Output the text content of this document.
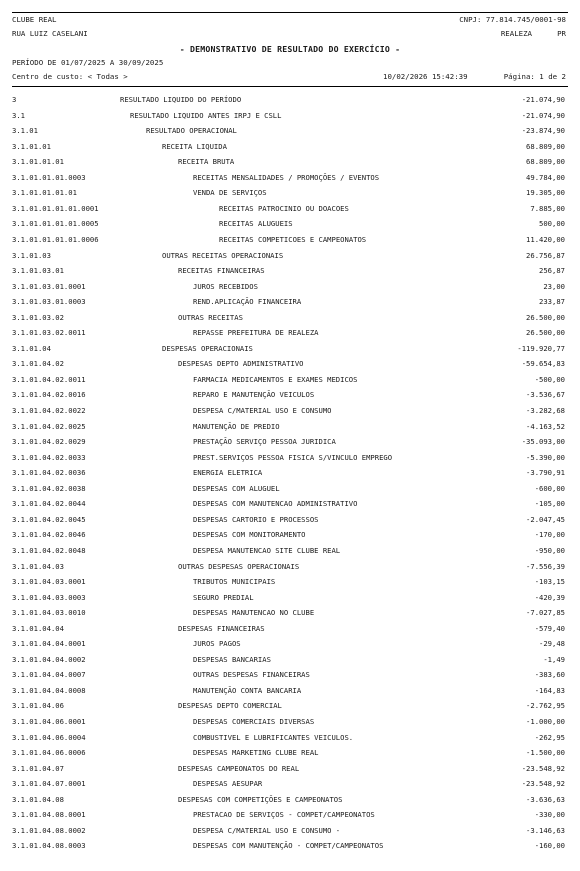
CLUBE REAL	CNPJ: 77.814.745/0001-98
RUA LUIZ CASELANI	REALEZA	PR
- DEMONSTRATIVO DE RESULTADO DO EXERCÍCIO -
PERÍODO DE 01/07/2025 A 30/09/2025
Centro de custo: < Todas >	10/02/2026 15:42:39	Página: 1 de 2
3	RESULTADO LIQUIDO DO PERÍODO	-21.074,90
3.1	RESULTADO LIQUIDO ANTES IRPJ E CSLL	-21.074,90
3.1.01	RESULTADO OPERACIONAL	-23.874,90
3.1.01.01	RECEITA LIQUIDA	68.809,00
3.1.01.01.01	RECEITA BRUTA	68.809,00
3.1.01.01.01.0003	RECEITAS MENSALIDADES / PROMOÇÕES / EVENTOS	49.784,00
3.1.01.01.01.01	VENDA DE SERVIÇOS	19.305,00
3.1.01.01.01.01.0001	RECEITAS PATROCINIO OU DOACOES	7.885,00
3.1.01.01.01.01.0005	RECEITAS ALUGUEIS	500,00
3.1.01.01.01.01.0006	RECEITAS COMPETICOES E CAMPEONATOS	11.420,00
3.1.01.03	OUTRAS RECEITAS OPERACIONAIS	26.756,87
3.1.01.03.01	RECEITAS FINANCEIRAS	256,87
3.1.01.03.01.0001	JUROS RECEBIDOS	23,00
3.1.01.03.01.0003	REND.APLICAÇÃO FINANCEIRA	233,87
3.1.01.03.02	OUTRAS RECEITAS	26.500,00
3.1.01.03.02.0011	REPASSE PREFEITURA DE REALEZA	26.500,00
3.1.01.04	DESPESAS OPERACIONAIS	-119.920,77
3.1.01.04.02	DESPESAS DEPTO ADMINISTRATIVO	-59.654,83
3.1.01.04.02.0011	FARMACIA MEDICAMENTOS E EXAMES MEDICOS	-500,00
3.1.01.04.02.0016	REPARO E MANUTENÇÃO VEICULOS	-3.536,67
3.1.01.04.02.0022	DESPESA C/MATERIAL USO E CONSUMO	-3.282,68
3.1.01.04.02.0025	MANUTENÇÃO DE PREDIO	-4.163,52
3.1.01.04.02.0029	PRESTAÇÃO SERVIÇO PESSOA JURIDICA	-35.093,00
3.1.01.04.02.0033	PREST.SERVIÇOS PESSOA FISICA S/VINCULO EMPREGO	-5.390,00
3.1.01.04.02.0036	ENERGIA ELETRICA	-3.790,91
3.1.01.04.02.0038	DESPESAS COM ALUGUEL	-600,00
3.1.01.04.02.0044	DESPESAS COM MANUTENCAO ADMINISTRATIVO	-105,00
3.1.01.04.02.0045	DESPESAS CARTORIO E PROCESSOS	-2.047,45
3.1.01.04.02.0046	DESPESAS COM MONITORAMENTO	-170,00
3.1.01.04.02.0048	DESPESA MANUTENCAO SITE CLUBE REAL	-950,00
3.1.01.04.03	OUTRAS DESPESAS OPERACIONAIS	-7.556,39
3.1.01.04.03.0001	TRIBUTOS MUNICIPAIS	-103,15
3.1.01.04.03.0003	SEGURO PREDIAL	-420,39
3.1.01.04.03.0010	DESPESAS MANUTENCAO NO CLUBE	-7.027,85
3.1.01.04.04	DESPESAS FINANCEIRAS	-579,40
3.1.01.04.04.0001	JUROS PAGOS	-29,48
3.1.01.04.04.0002	DESPESAS BANCARIAS	-1,49
3.1.01.04.04.0007	OUTRAS DESPESAS FINANCEIRAS	-383,60
3.1.01.04.04.0008	MANUTENÇÃO CONTA BANCARIA	-164,83
3.1.01.04.06	DESPESAS DEPTO COMERCIAL	-2.762,95
3.1.01.04.06.0001	DESPESAS COMERCIAIS DIVERSAS	-1.000,00
3.1.01.04.06.0004	COMBUSTIVEL E LUBRIFICANTES VEICULOS.	-262,95
3.1.01.04.06.0006	DESPESAS MARKETING CLUBE REAL	-1.500,00
3.1.01.04.07	DESPESAS CAMPEONATOS DO REAL	-23.548,92
3.1.01.04.07.0001	DESPESAS AESUPAR	-23.548,92
3.1.01.04.08	DESPESAS COM COMPETIÇÕES E CAMPEONATOS	-3.636,63
3.1.01.04.08.0001	PRESTACAO DE SERVIÇOS - COMPET/CAMPEONATOS	-330,00
3.1.01.04.08.0002	DESPESA C/MATERIAL USO E CONSUMO -	-3.146,63
3.1.01.04.08.0003	DESPESAS COM MANUTENÇÃO - COMPET/CAMPEONATOS	-160,00
